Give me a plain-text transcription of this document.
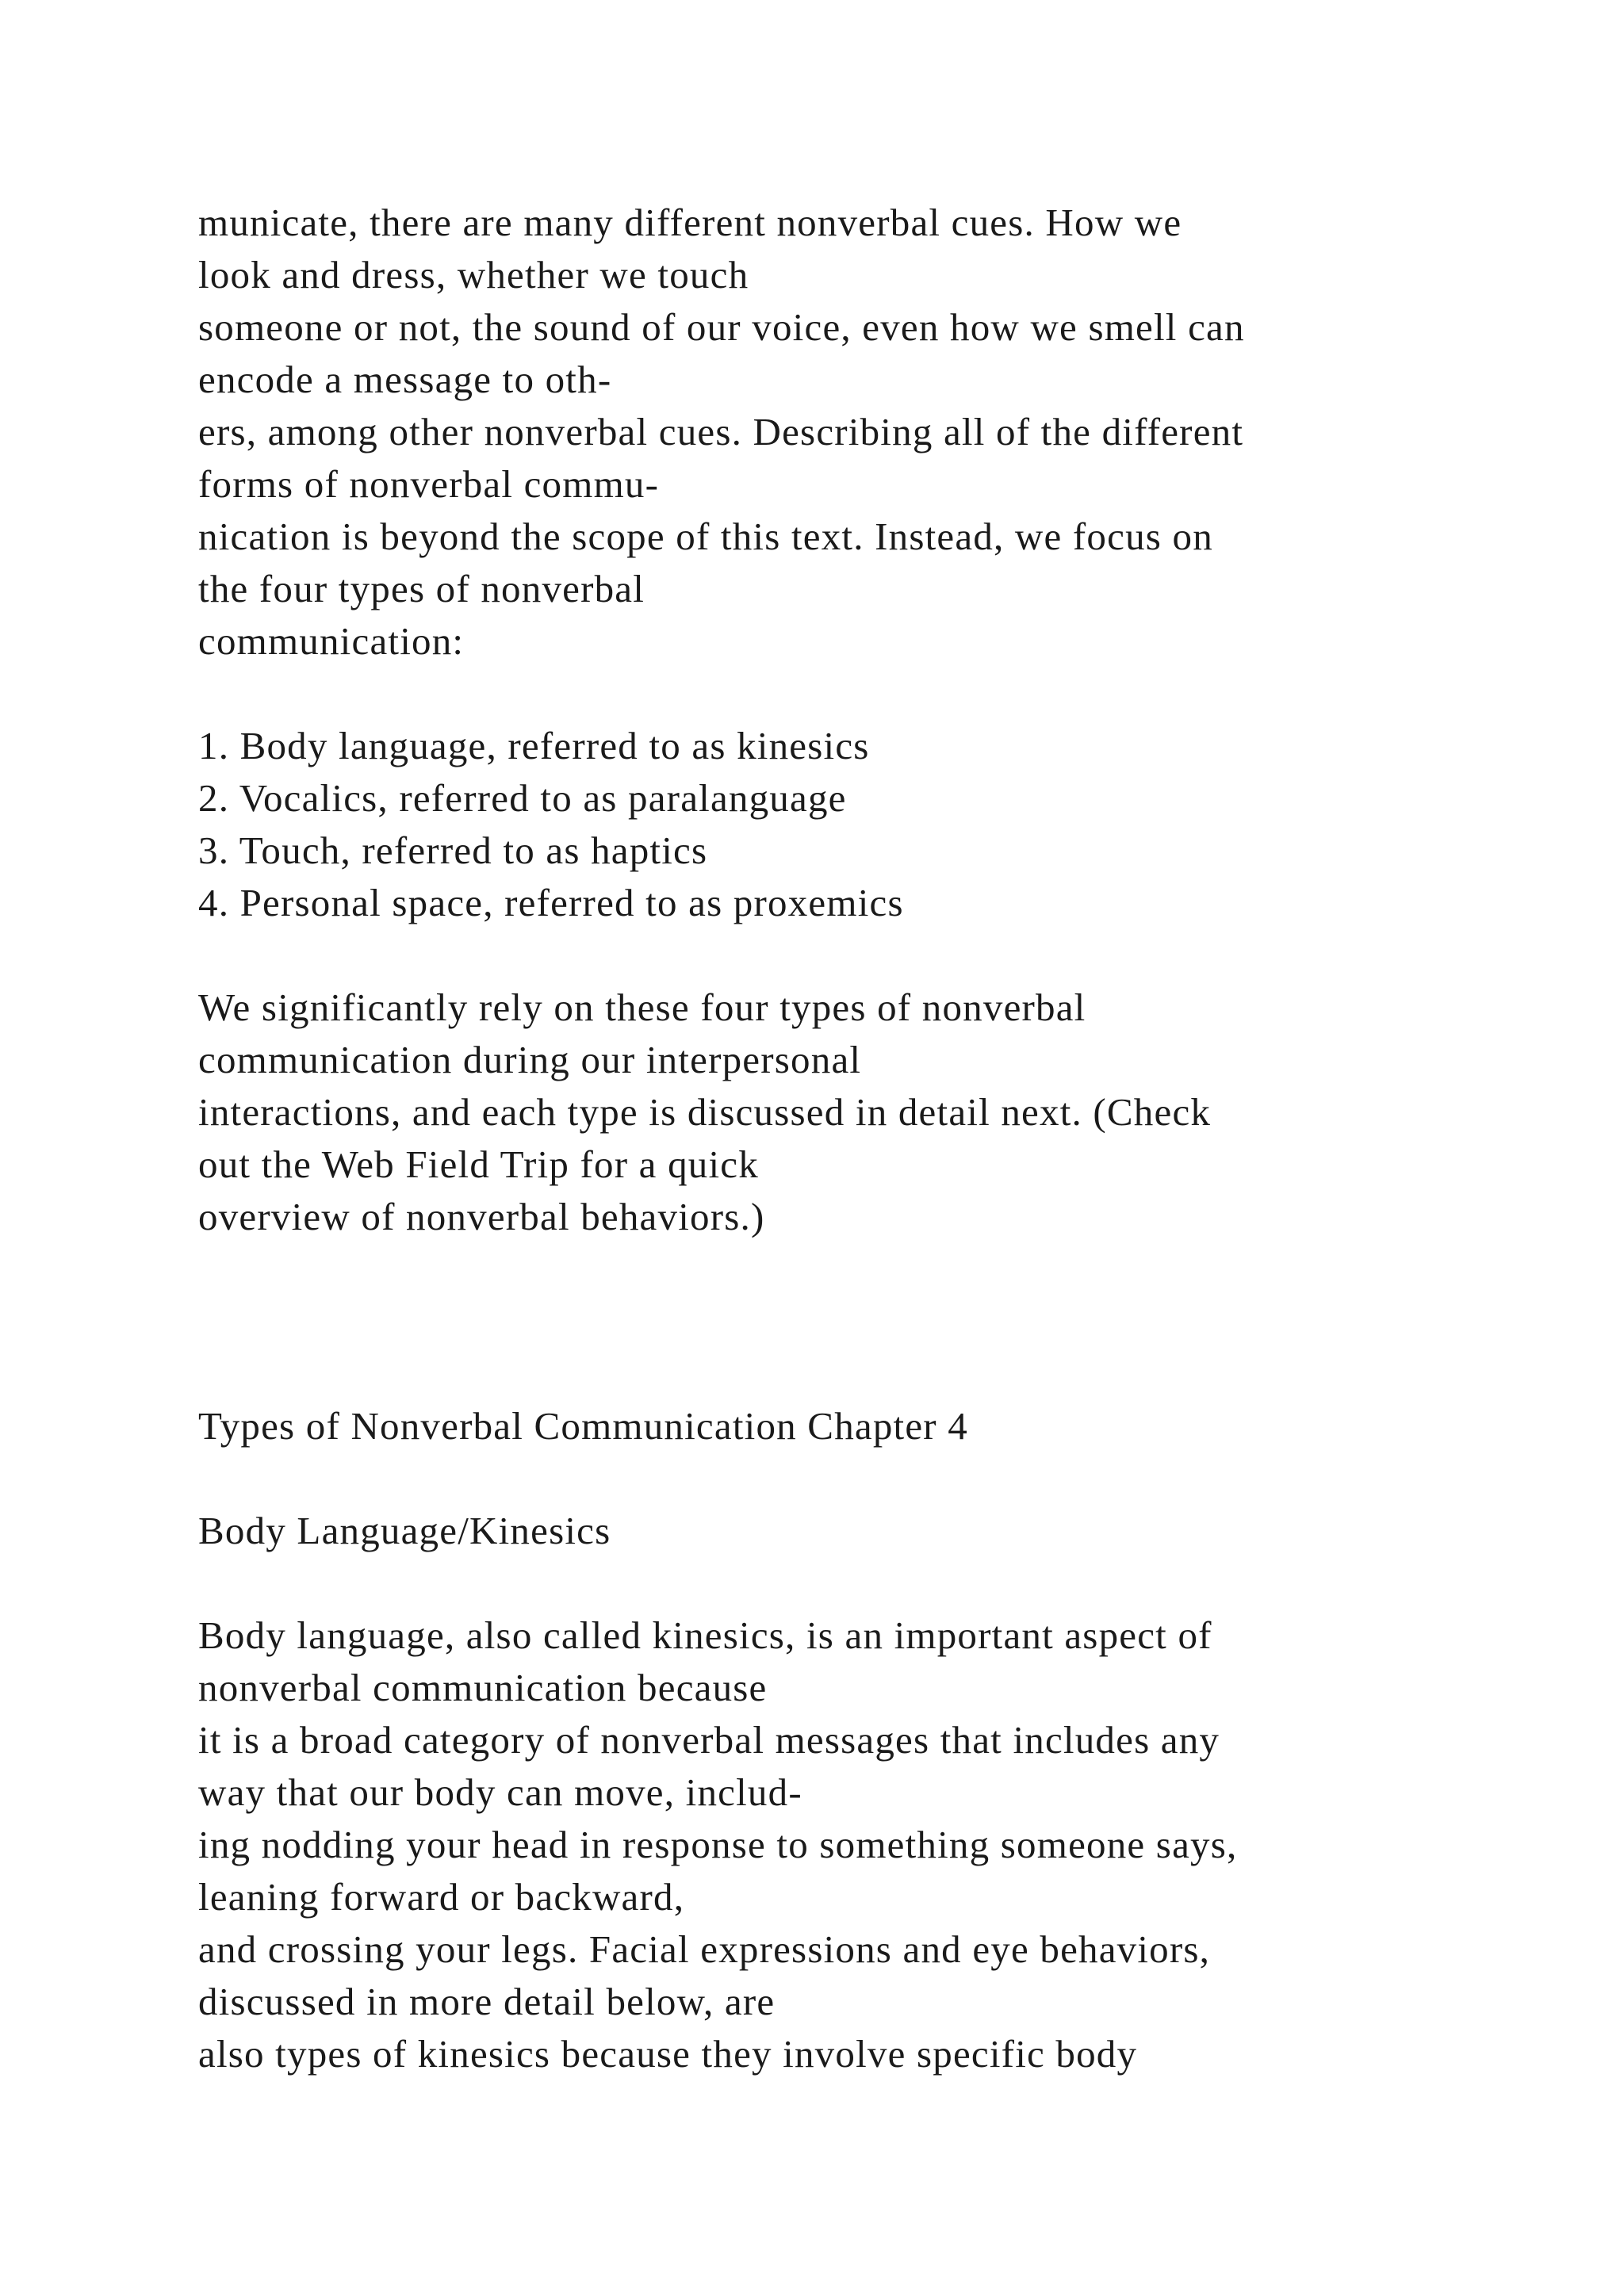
municate, there are many different nonverbal cues. How we
look and dress, whether we touch
someone or not, the sound of our voice, even how we smell can
encode a message to oth-
ers, among other nonverbal cues. Describing all of the different
forms of nonverbal commu-
nication is beyond the scope of this text. Instead, we focus on
the four types of nonverbal
communication:
1. Body language, referred to as kinesics
2. Vocalics, referred to as paralanguage
3. Touch, referred to as haptics
4. Personal space, referred to as proxemics
We significantly rely on these four types of nonverbal
communication during our interpersonal
interactions, and each type is discussed in detail next. (Check
out the Web Field Trip for a quick
overview of nonverbal behaviors.)
Types of Nonverbal Communication Chapter 4
Body Language/Kinesics
Body language, also called kinesics, is an important aspect of
nonverbal communication because
it is a broad category of nonverbal messages that includes any
way that our body can move, includ-
ing nodding your head in response to something someone says,
leaning forward or backward,
and crossing your legs. Facial expressions and eye behaviors,
discussed in more detail below, are
also types of kinesics because they involve specific body
